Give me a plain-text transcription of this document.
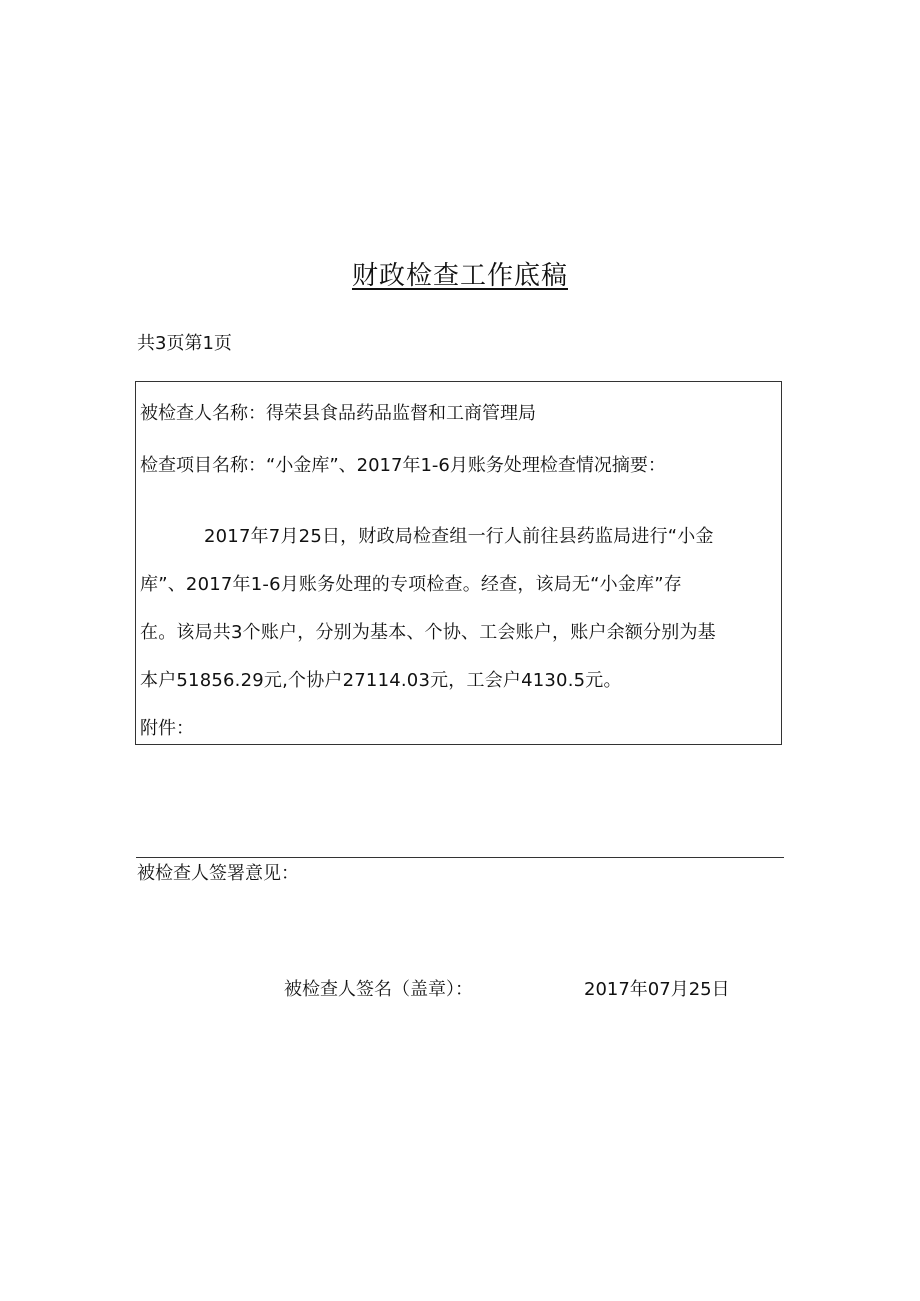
财政检查工作底稿
共3页第1页
被检查人名称：得荣县食品药品监督和工商管理局
检查项目名称：“小金库”、2017年1-6月账务处理检查情况摘要：
2017年7月25日，财政局检查组一行人前往县药监局进行“小金
库”、2017年1-6月账务处理的专项检查。经查，该局无“小金库”存
在。该局共3个账户，分别为基本、个协、工会账户，账户余额分别为基
本户51856.29元,个协户27114.03元，工会户4130.5元。
附件：
被检查人签署意见：
被检查人签名（盖章）：	2017年07月25日
